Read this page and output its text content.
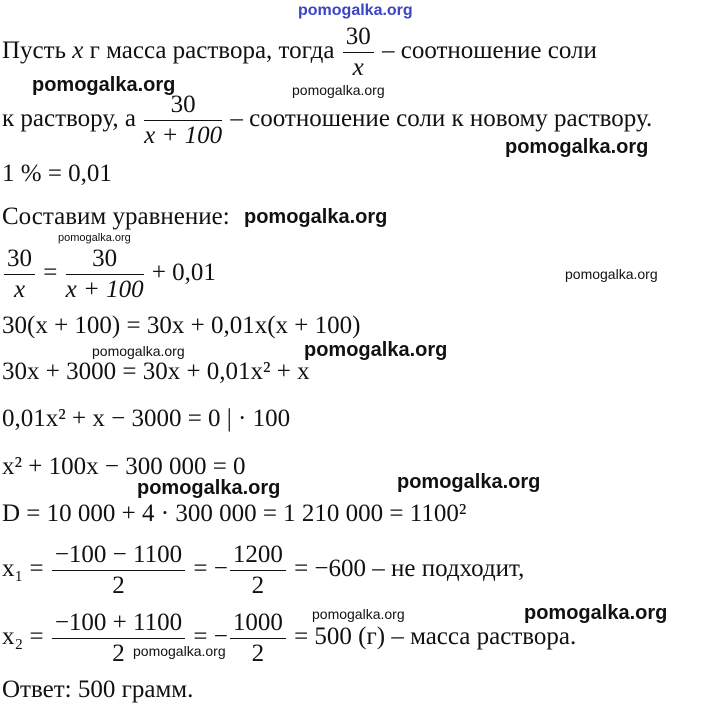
pomogalka.org
Пусть x г масса раствора, тогда $\frac{30}{x}$ – соотношение соли
pomogalka.org	pomogalka.org
к раствору, а $\frac{30}{x + 100}$ – соотношение соли к новому раствору.
pomogalka.org
1 % = 0,01
Составим уравнение: pomogalka.org
pomogalka.org
$\frac{30}{x} = \frac{30}{x + 100} + 0,01$	pomogalka.org
30(x + 100) = 30x + 0,01x(x + 100)
pomogalka.org	pomogalka.org
30x + 3000 = 30x + 0,01x² + x
0,01x² + x − 3000 = 0 | · 100
x² + 100x − 300 000 = 0
pomogalka.org	pomogalka.org
D = 10 000 + 4 · 300 000 = 1 210 000 = 1100²
$x_1 = \frac{-100 - 1100}{2}$ = − $\frac{1200}{2} = -600$ – не подходит,
pomogalka.org	pomogalka.org
$x_2 = \frac{-100 + 1100}{2}$ = − $\frac{1000}{2} = 500$ (г) – масса раствора.
pomogalka.org
Ответ: 500 грамм.
